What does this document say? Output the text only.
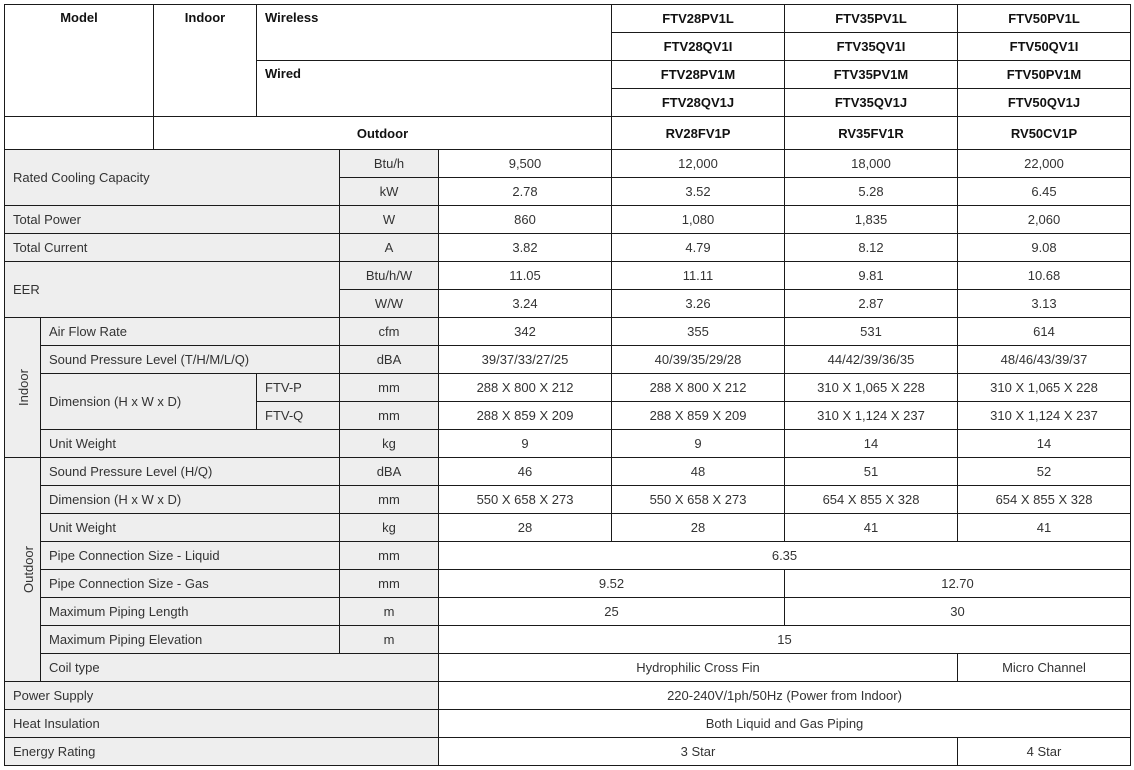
Model		Indoor	Wireless			FTV28PV1L	FTV35PV1L	FTV50PV1L	
						FTV28QV1I	FTV35QV1I	FTV50QV1I	
			Wired			FTV28PV1M	FTV35PV1M	FTV50PV1M	
						FTV28QV1J	FTV35QV1J	FTV50QV1J	
		Outdoor				RV28FV1P	RV35FV1R	RV50CV1P	
Rated Cooling Capacity				Btu/h	9,500	12,000	18,000	22,000	
				kW	2.78	3.52	5.28	6.45	
Total Power				W	860	1,080	1,835	2,060	
Total Current				A	3.82	4.79	8.12	9.08	
EER				Btu/h/W	11.05	11.11	9.81	10.68	
				W/W	3.24	3.26	2.87	3.13	
Indoor	Air Flow Rate			cfm	342	355	531	614	
	Sound Pressure Level (T/H/M/L/Q)			dBA	39/37/33/27/25	40/39/35/29/28	44/42/39/36/35	48/46/43/39/37	
	Dimension (H x W x D)		FTV-P	mm	288 X 800 X 212	288 X 800 X 212	310 X 1,065 X 228	310 X 1,065 X 228	
			FTV-Q	mm	288 X 859 X 209	288 X 859 X 209	310 X 1,124 X 237	310 X 1,124 X 237	
	Unit Weight			kg	9	9	14	14	
Outdoor	Sound Pressure Level (H/Q)			dBA	46	48	51	52	
	Dimension (H x W x D)			mm	550 X 658 X 273	550 X 658 X 273	654 X 855 X 328	654 X 855 X 328	
	Unit Weight			kg	28	28	41	41	
	Pipe Connection Size - Liquid			mm	6.35				
	Pipe Connection Size - Gas			mm	9.52		12.70		
	Maximum Piping Length			m	25		30		
	Maximum Piping Elevation			m	15				
	Coil type				Hydrophilic Cross Fin			Micro Channel	
Power Supply					220-240V/1ph/50Hz (Power from Indoor)				
Heat Insulation					Both Liquid and Gas Piping				
Energy Rating					3 Star			4 Star	
